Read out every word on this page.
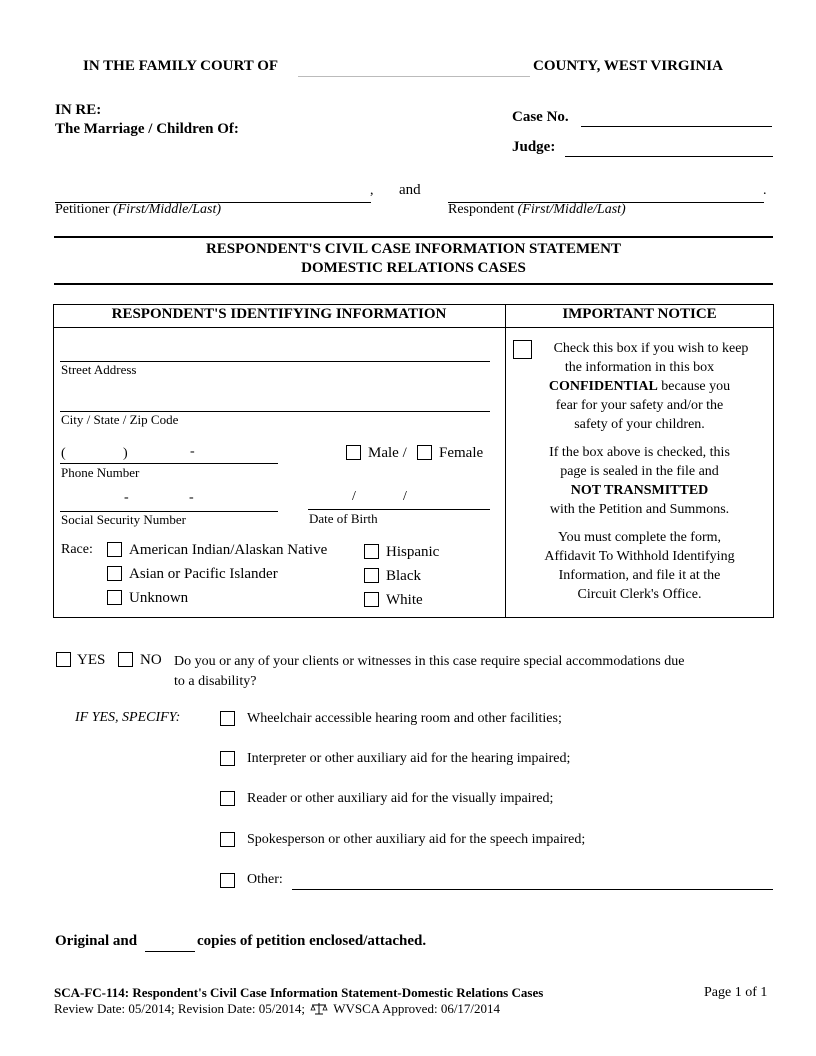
IN THE FAMILY COURT OF	COUNTY, WEST VIRGINIA
IN RE:
The Marriage / Children Of:
Case No.
Judge:
, and	.
Petitioner (First/Middle/Last)	Respondent (First/Middle/Last)
RESPONDENT'S CIVIL CASE INFORMATION STATEMENT
DOMESTIC RELATIONS CASES
RESPONDENT'S IDENTIFYING INFORMATION	IMPORTANT NOTICE
Street Address
City / State / Zip Code
(	)	-
Phone Number
Male / Female
-	-
Social Security Number
/	/
Date of Birth
Race: American Indian/Alaskan Native
Asian or Pacific Islander
Unknown
Hispanic
Black
White
Check this box if you wish to keep
the information in this box
CONFIDENTIAL because you
fear for your safety and/or the
safety of your children.
If the box above is checked, this
page is sealed in the file and
NOT TRANSMITTED
with the Petition and Summons.
You must complete the form,
Affidavit To Withhold Identifying
Information, and file it at the
Circuit Clerk's Office.
YES NO Do you or any of your clients or witnesses in this case require special accommodations due
to a disability?
IF YES, SPECIFY:	Wheelchair accessible hearing room and other facilities;
Interpreter or other auxiliary aid for the hearing impaired;
Reader or other auxiliary aid for the visually impaired;
Spokesperson or other auxiliary aid for the speech impaired;
Other:
Original and	copies of petition enclosed/attached.
SCA-FC-114: Respondent's Civil Case Information Statement-Domestic Relations Cases	Page 1 of 1
Review Date: 05/2014; Revision Date: 05/2014; WVSCA Approved: 06/17/2014
